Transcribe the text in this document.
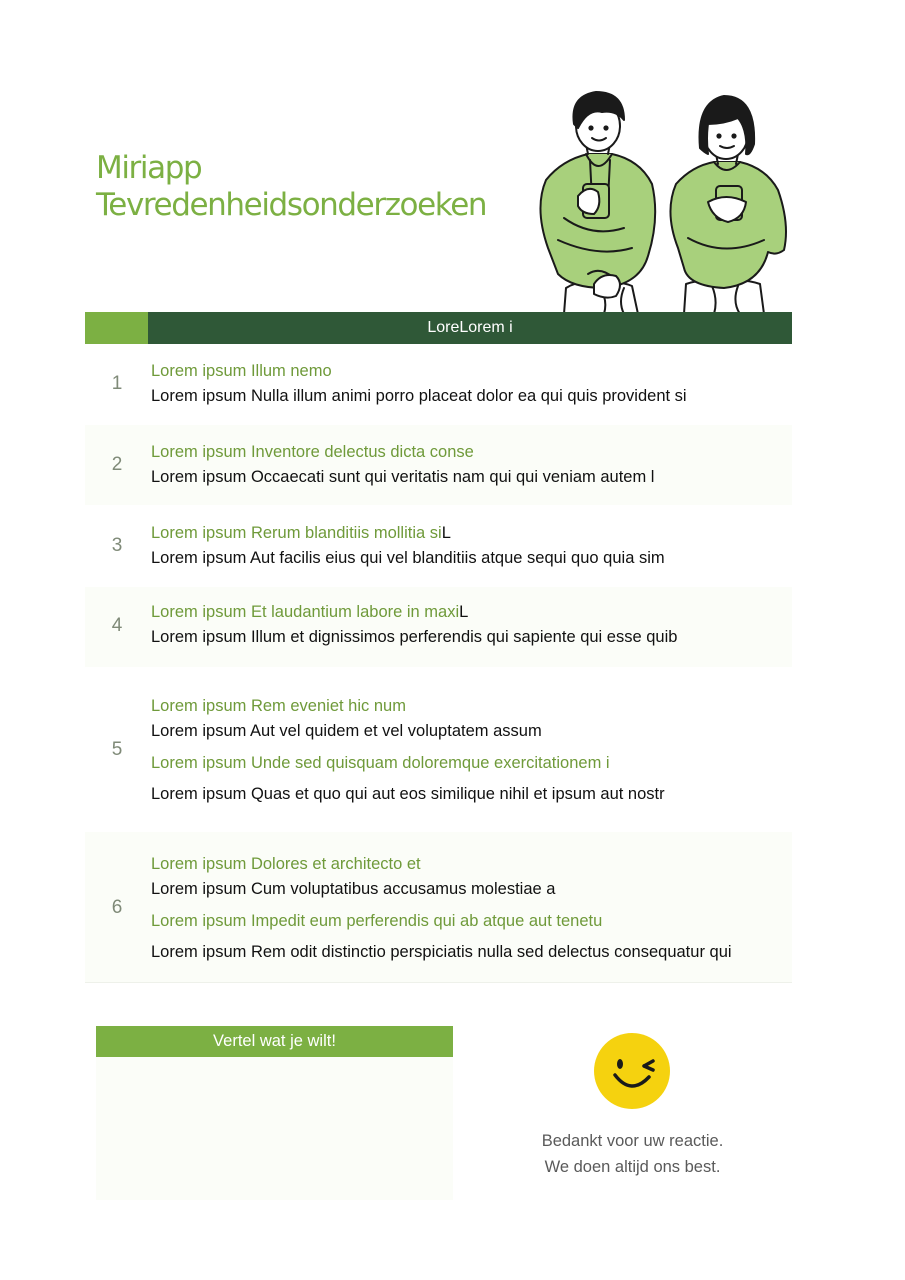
Miriapp
Tevredenheidsonderzoeken
LoreLorem i
1
Lorem ipsum Illum nemo
Lorem ipsum Nulla illum animi porro placeat dolor ea qui quis provident si
2
Lorem ipsum Inventore delectus dicta conse
Lorem ipsum Occaecati sunt qui veritatis nam qui qui veniam autem l
3
Lorem ipsum Rerum blanditiis mollitia siL
Lorem ipsum Aut facilis eius qui vel blanditiis atque sequi quo quia sim
4
Lorem ipsum Et laudantium labore in maxiL
Lorem ipsum Illum et dignissimos perferendis qui sapiente qui esse quib
5
Lorem ipsum Rem eveniet hic num
Lorem ipsum Aut vel quidem et vel voluptatem assum
Lorem ipsum Unde sed quisquam doloremque exercitationem i
Lorem ipsum Quas et quo qui aut eos similique nihil et ipsum aut nostr
6
Lorem ipsum Dolores et architecto et
Lorem ipsum Cum voluptatibus accusamus molestiae a
Lorem ipsum Impedit eum perferendis qui ab atque aut tenetu
Lorem ipsum Rem odit distinctio perspiciatis nulla sed delectus consequatur qui
Vertel wat je wilt!
Bedankt voor uw reactie.
We doen altijd ons best.
